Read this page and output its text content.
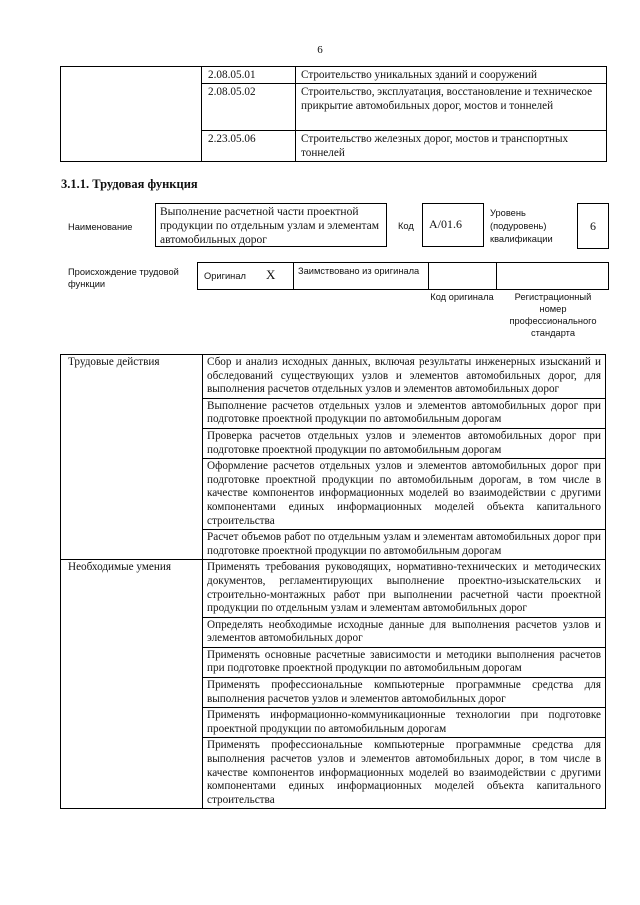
6
	2.08.05.01	Строительство уникальных зданий и сооружений
	2.08.05.02	Строительство, эксплуатация, восстановление и техническое прикрытие автомобильных дорог, мостов и тоннелей
	2.23.05.06	Строительство железных дорог, мостов и транспортных тоннелей
3.1.1. Трудовая функция
Наименование
Выполнение расчетной части проектной продукции по отдельным узлам и элементам автомобильных дорог
Код	А/01.6
Уровень (подуровень) квалификации
6
Происхождение трудовой функции
Оригинал X Заимствовано из оригинала
Код оригинала	Регистрационный номер профессионального стандарта
Трудовые действия	Сбор и анализ исходных данных, включая результаты инженерных изысканий и обследований существующих узлов и элементов автомобильных дорог, для выполнения расчетов отдельных узлов и элементов автомобильных дорог
	Выполнение расчетов отдельных узлов и элементов автомобильных дорог при подготовке проектной продукции по автомобильным дорогам
	Проверка расчетов отдельных узлов и элементов автомобильных дорог при подготовке проектной продукции по автомобильным дорогам
	Оформление расчетов отдельных узлов и элементов автомобильных дорог при подготовке проектной продукции по автомобильным дорогам, в том числе в качестве компонентов информационных моделей во взаимодействии с другими компонентами единых информационных моделей объекта капитального строительства
	Расчет объемов работ по отдельным узлам и элементам автомобильных дорог при подготовке проектной продукции по автомобильным дорогам
Необходимые умения	Применять требования руководящих, нормативно-технических и методических документов, регламентирующих выполнение проектно-изыскательских и строительно-монтажных работ при выполнении расчетной части проектной продукции по отдельным узлам и элементам автомобильных дорог
	Определять необходимые исходные данные для выполнения расчетов узлов и элементов автомобильных дорог
	Применять основные расчетные зависимости и методики выполнения расчетов при подготовке проектной продукции по автомобильным дорогам
	Применять профессиональные компьютерные программные средства для выполнения расчетов узлов и элементов автомобильных дорог
	Применять информационно-коммуникационные технологии при подготовке проектной продукции по автомобильным дорогам
	Применять профессиональные компьютерные программные средства для выполнения расчетов узлов и элементов автомобильных дорог, в том числе в качестве компонентов информационных моделей во взаимодействии с другими компонентами единых информационных моделей объекта капитального строительства
